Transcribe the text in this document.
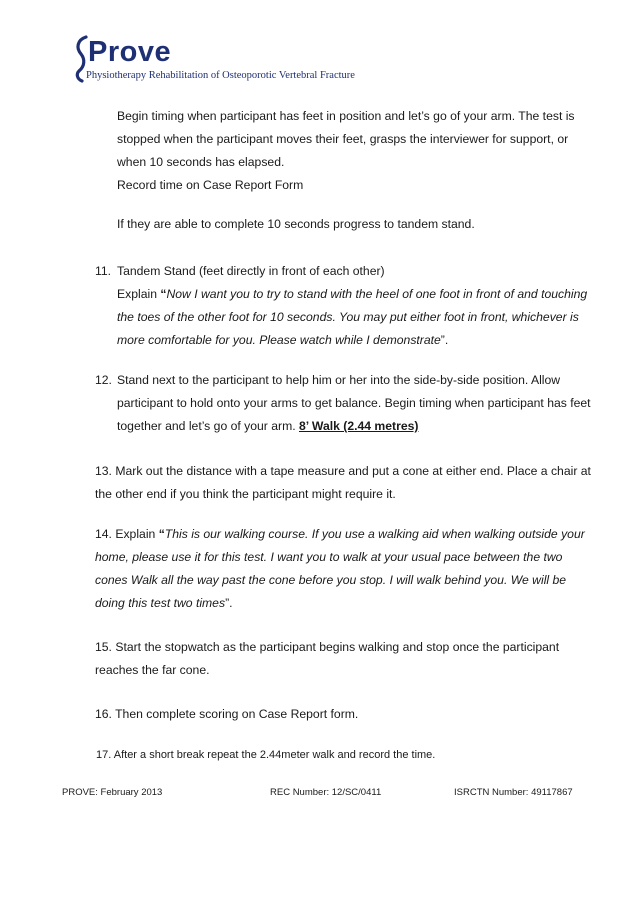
Prove
Physiotherapy Rehabilitation of Osteoporotic Vertebral Fracture
Begin timing when participant has feet in position and let’s go of your arm. The test is
stopped when the participant moves their feet, grasps the interviewer for support, or
when 10 seconds has elapsed.
Record time on Case Report Form
If they are able to complete 10 seconds progress to tandem stand.
11. Tandem Stand (feet directly in front of each other)
Explain “Now I want you to try to stand with the heel of one foot in front of and touching
the toes of the other foot for 10 seconds. You may put either foot in front, whichever is
more comfortable for you. Please watch while I demonstrate”.
12. Stand next to the participant to help him or her into the side-by-side position. Allow
participant to hold onto your arms to get balance. Begin timing when participant has feet
together and let’s go of your arm. 8’ Walk (2.44 metres)
13. Mark out the distance with a tape measure and put a cone at either end. Place a chair at
the other end if you think the participant might require it.
14. Explain “This is our walking course. If you use a walking aid when walking outside your
home, please use it for this test. I want you to walk at your usual pace between the two
cones Walk all the way past the cone before you stop. I will walk behind you. We will be
doing this test two times”.
15. Start the stopwatch as the participant begins walking and stop once the participant
reaches the far cone.
16. Then complete scoring on Case Report form.
17. After a short break repeat the 2.44meter walk and record the time.
PROVE: February 2013	REC Number: 12/SC/0411	ISRCTN Number: 49117867
